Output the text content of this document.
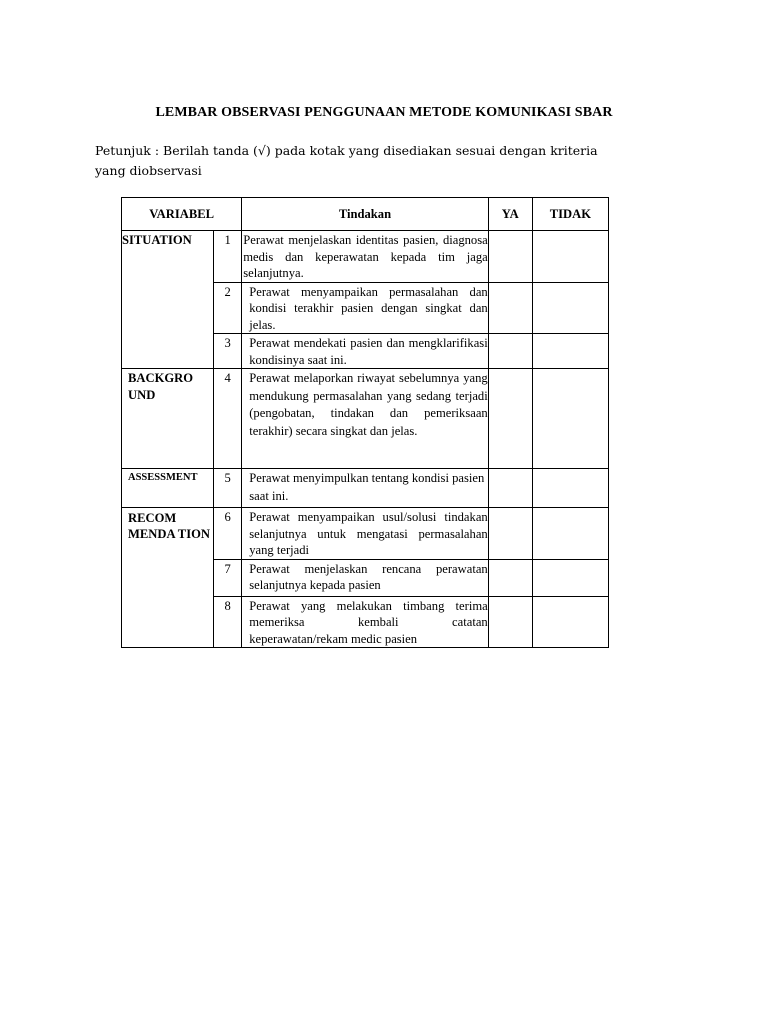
LEMBAR OBSERVASI PENGGUNAAN METODE KOMUNIKASI SBAR
Petunjuk : Berilah tanda (√) pada kotak yang disediakan sesuai dengan kriteria yang diobservasi
VARIABEL		Tindakan	YA	TIDAK
SITUATION	1	Perawat menjelaskan identitas pasien, diagnosa medis dan keperawatan kepada tim jaga selanjutnya.		
	2	Perawat menyampaikan permasalahan dan kondisi terakhir pasien dengan singkat dan jelas.		
	3	Perawat mendekati pasien dan mengklarifikasi kondisinya saat ini.		
BACKGRO UND	4	Perawat melaporkan riwayat sebelumnya yang mendukung permasalahan yang sedang terjadi (pengobatan, tindakan dan pemeriksaan terakhir) secara singkat dan jelas.		
ASSESSMENT	5	Perawat menyimpulkan tentang kondisi pasien saat ini.		

RECOM MENDA TION	6	Perawat menyampaikan usul/solusi tindakan selanjutnya untuk mengatasi permasalahan yang terjadi		
	7	Perawat menjelaskan rencana perawatan selanjutnya kepada pasien		
	8	Perawat yang melakukan timbang terima memeriksa kembali catatan keperawatan/rekam medic pasien		
